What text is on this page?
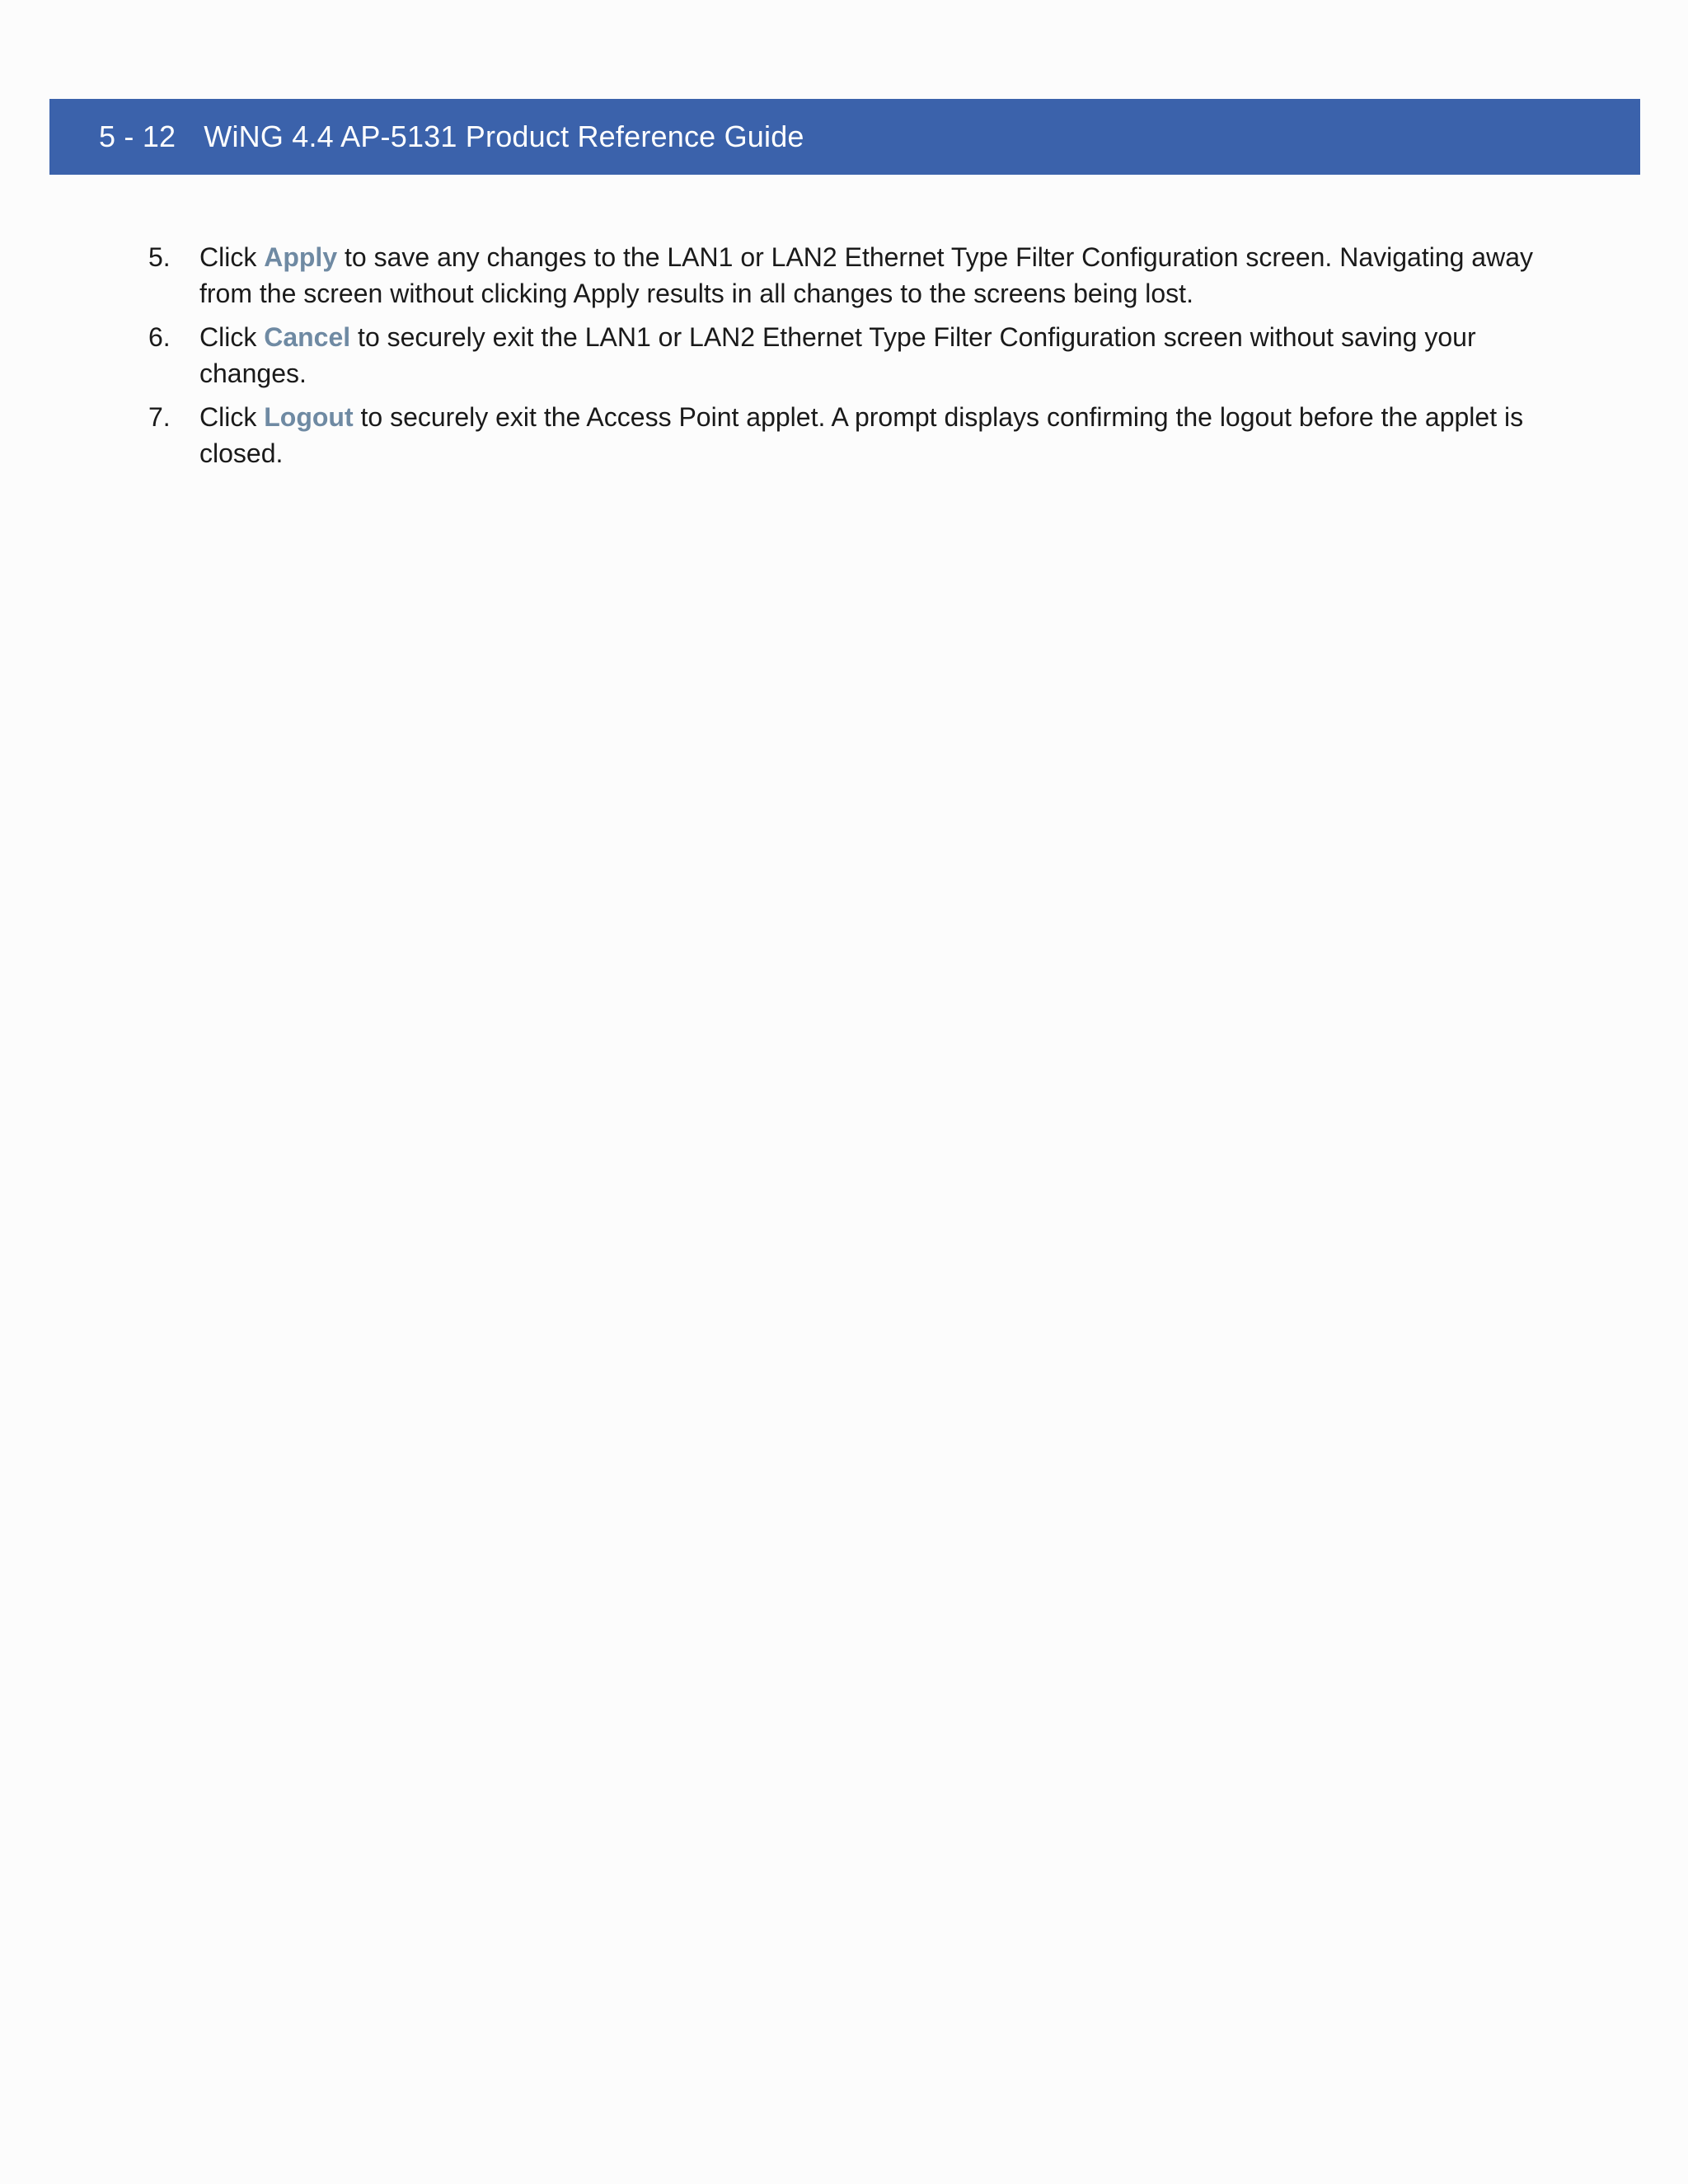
5 - 12 WiNG 4.4 AP-5131 Product Reference Guide
5.	Click Apply to save any changes to the LAN1 or LAN2 Ethernet Type Filter Configuration screen. Navigating away from the screen without clicking Apply results in all changes to the screens being lost.
6.	Click Cancel to securely exit the LAN1 or LAN2 Ethernet Type Filter Configuration screen without saving your changes.
7.	Click Logout to securely exit the Access Point applet. A prompt displays confirming the logout before the applet is closed.
